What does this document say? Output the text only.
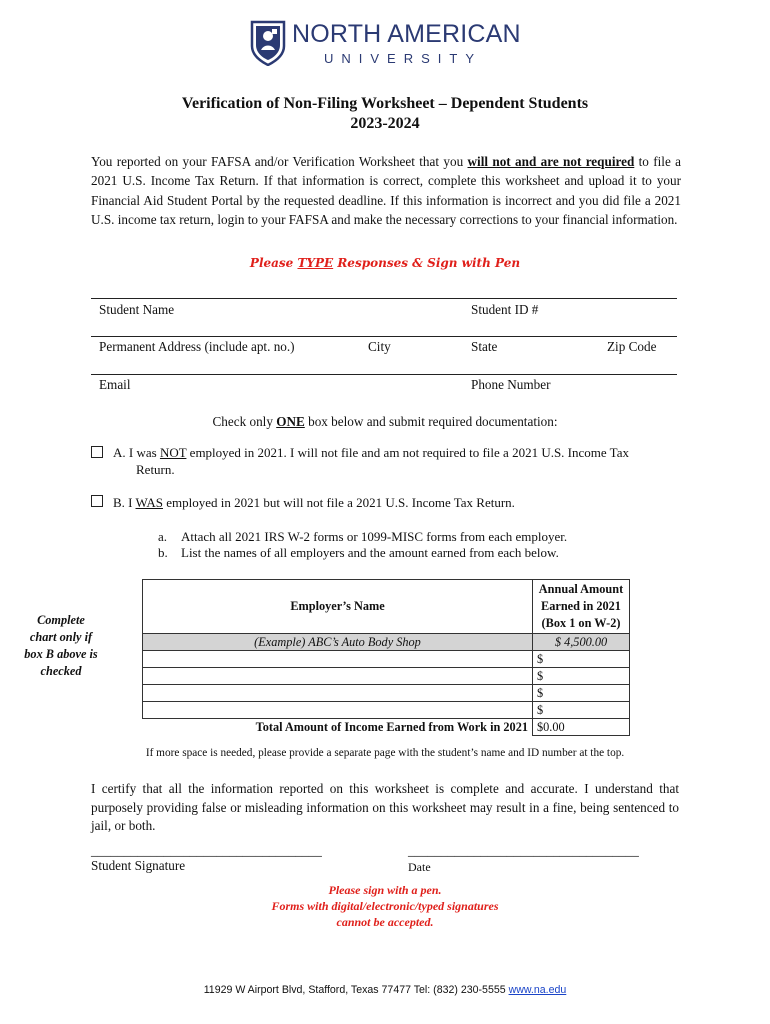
NORTH AMERICAN
UNIVERSITY
Verification of Non-Filing Worksheet – Dependent Students
2023-2024
You reported on your FAFSA and/or Verification Worksheet that you will not and are not required to file a 2021 U.S. Income Tax Return. If that information is correct, complete this worksheet and upload it to your Financial Aid Student Portal by the requested deadline. If this information is incorrect and you did file a 2021 U.S. income tax return, login to your FAFSA and make the necessary corrections to your financial information.
Please TYPE Responses & Sign with Pen
Student Name	Student ID #
Permanent Address (include apt. no.)	City	State	Zip Code
Email	Phone Number
Check only ONE box below and submit required documentation:
A. I was NOT employed in 2021. I will not file and am not required to file a 2021 U.S. Income Tax
Return.
B. I WAS employed in 2021 but will not file a 2021 U.S. Income Tax Return.
a. Attach all 2021 IRS W-2 forms or 1099-MISC forms from each employer.
b. List the names of all employers and the amount earned from each below.
Complete
chart only if
box B above is
checked
Employer’s Name	Annual Amount
Earned in 2021
(Box 1 on W-2)

(Example) ABC’s Auto Body Shop	$ 4,500.00
	$
	$
	$
	$
Total Amount of Income Earned from Work in 2021	$0.00
If more space is needed, please provide a separate page with the student’s name and ID number at the top.
I certify that all the information reported on this worksheet is complete and accurate. I understand that purposely providing false or misleading information on this worksheet may result in a fine, being sentenced to jail, or both.
___________________________________
Student Signature
___________________________________
Date
Please sign with a pen.
Forms with digital/electronic/typed signatures
cannot be accepted.
11929 W Airport Blvd, Stafford, Texas 77477 Tel: (832) 230-5555 www.na.edu
